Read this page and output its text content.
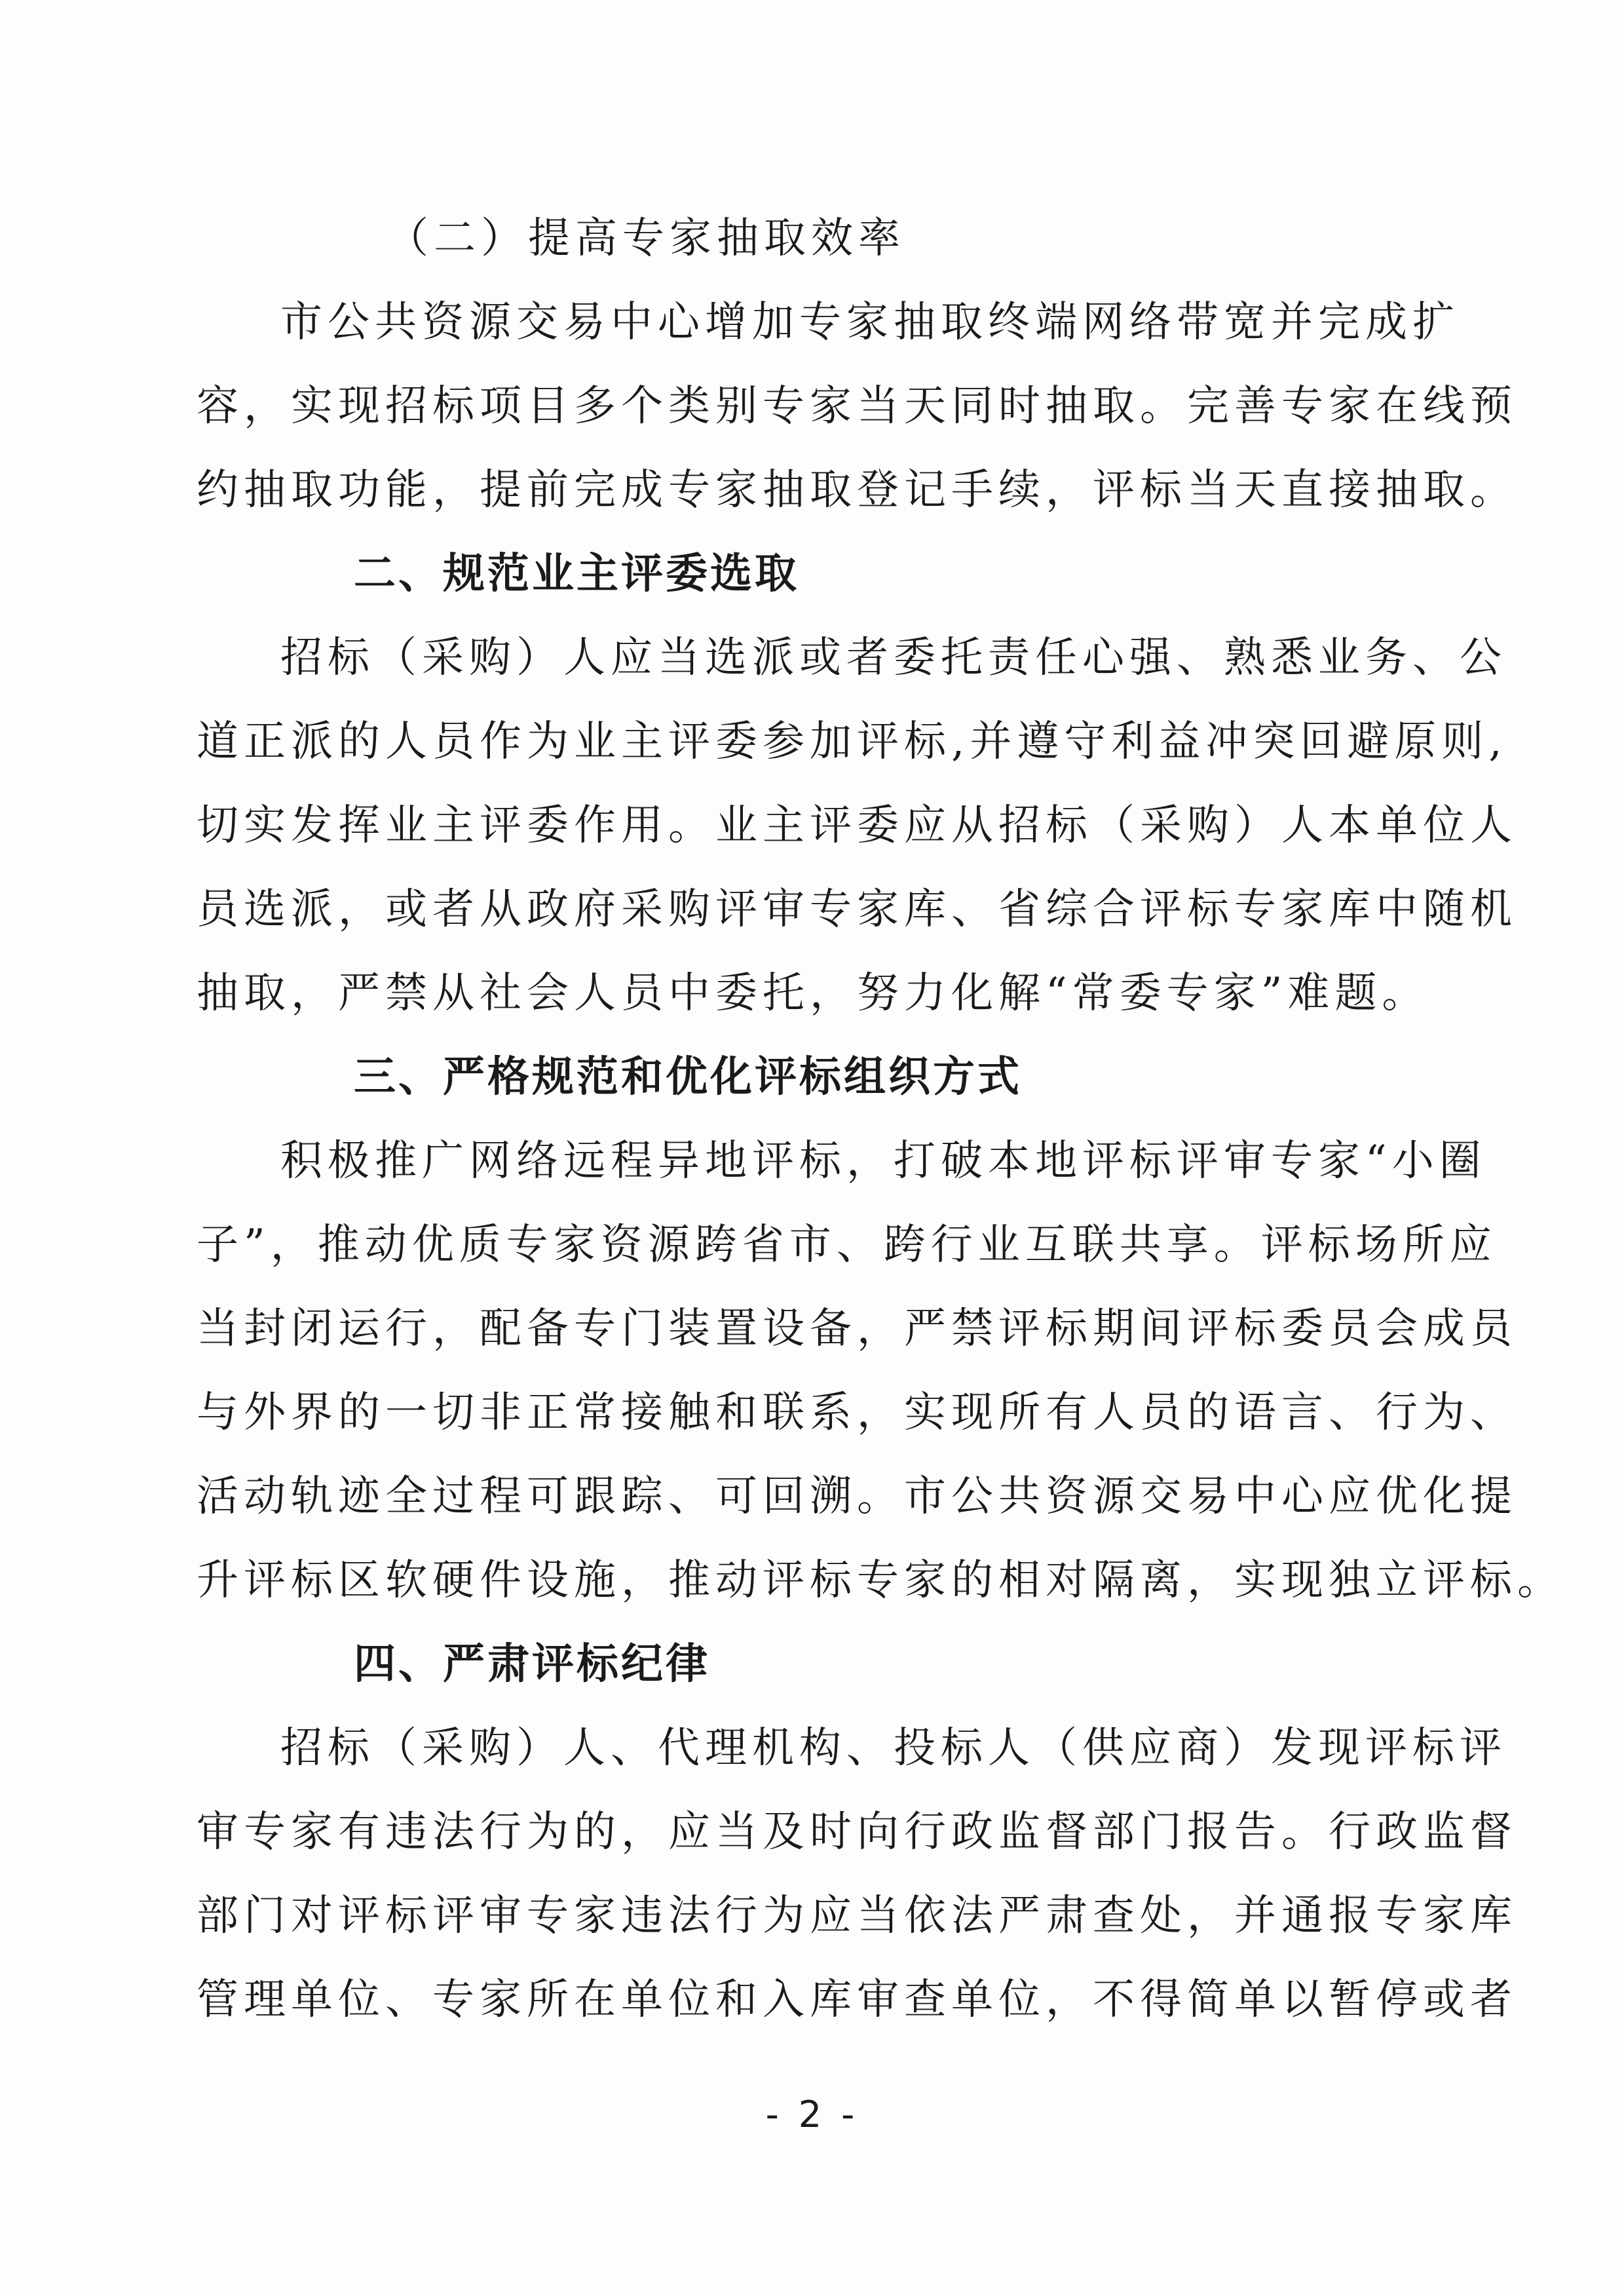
（二）提高专家抽取效率
市公共资源交易中心增加专家抽取终端网络带宽并完成扩
容，实现招标项目多个类别专家当天同时抽取。完善专家在线预
约抽取功能，提前完成专家抽取登记手续，评标当天直接抽取。
二、规范业主评委选取
招标（采购）人应当选派或者委托责任心强、熟悉业务、公
道正派的人员作为业主评委参加评标,并遵守利益冲突回避原则,
切实发挥业主评委作用。业主评委应从招标（采购）人本单位人
员选派，或者从政府采购评审专家库、省综合评标专家库中随机
抽取，严禁从社会人员中委托，努力化解“常委专家”难题。
三、严格规范和优化评标组织方式
积极推广网络远程异地评标，打破本地评标评审专家“小圈
子”，推动优质专家资源跨省市、跨行业互联共享。评标场所应
当封闭运行，配备专门装置设备，严禁评标期间评标委员会成员
与外界的一切非正常接触和联系，实现所有人员的语言、行为、
活动轨迹全过程可跟踪、可回溯。市公共资源交易中心应优化提
升评标区软硬件设施，推动评标专家的相对隔离，实现独立评标。
四、严肃评标纪律
招标（采购）人、代理机构、投标人（供应商）发现评标评
审专家有违法行为的，应当及时向行政监督部门报告。行政监督
部门对评标评审专家违法行为应当依法严肃查处，并通报专家库
管理单位、专家所在单位和入库审查单位，不得简单以暂停或者
- 2 -
